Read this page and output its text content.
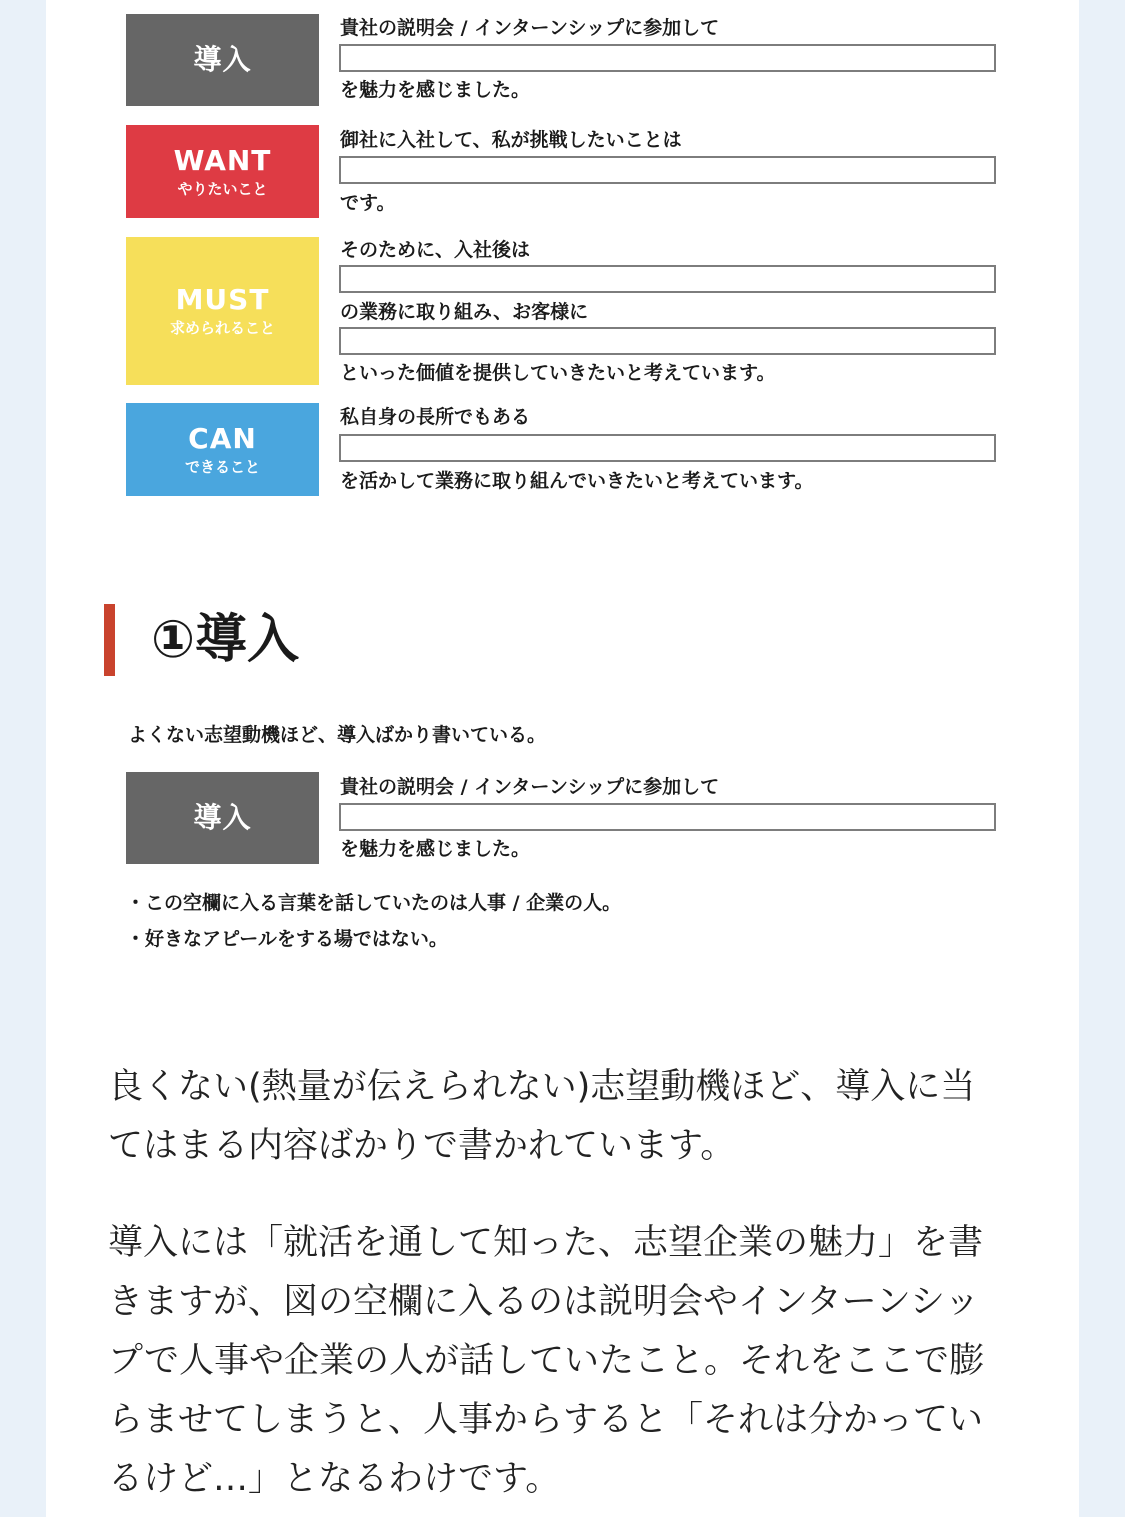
導入
貴社の説明会 / インターンシップに参加して
を魅力を感じました。
WANT
やりたいこと
御社に入社して、私が挑戦したいことは
です。
MUST
求められること
そのために、入社後は
の業務に取り組み、お客様に
といった価値を提供していきたいと考えています。
CAN
できること
私自身の長所でもある
を活かして業務に取り組んでいきたいと考えています。
①導入
よくない志望動機ほど、導入ばかり書いている。
導入
貴社の説明会 / インターンシップに参加して
を魅力を感じました。
・この空欄に入る言葉を話していたのは人事 / 企業の人。
・好きなアピールをする場ではない。
良くない(熱量が伝えられない)志望動機ほど、導入に当
てはまる内容ばかりで書かれています。
導入には「就活を通して知った、志望企業の魅力」を書
きますが、図の空欄に入るのは説明会やインターンシッ
プで人事や企業の人が話していたこと。それをここで膨
らませてしまうと、人事からすると「それは分かってい
るけど…」となるわけです。
